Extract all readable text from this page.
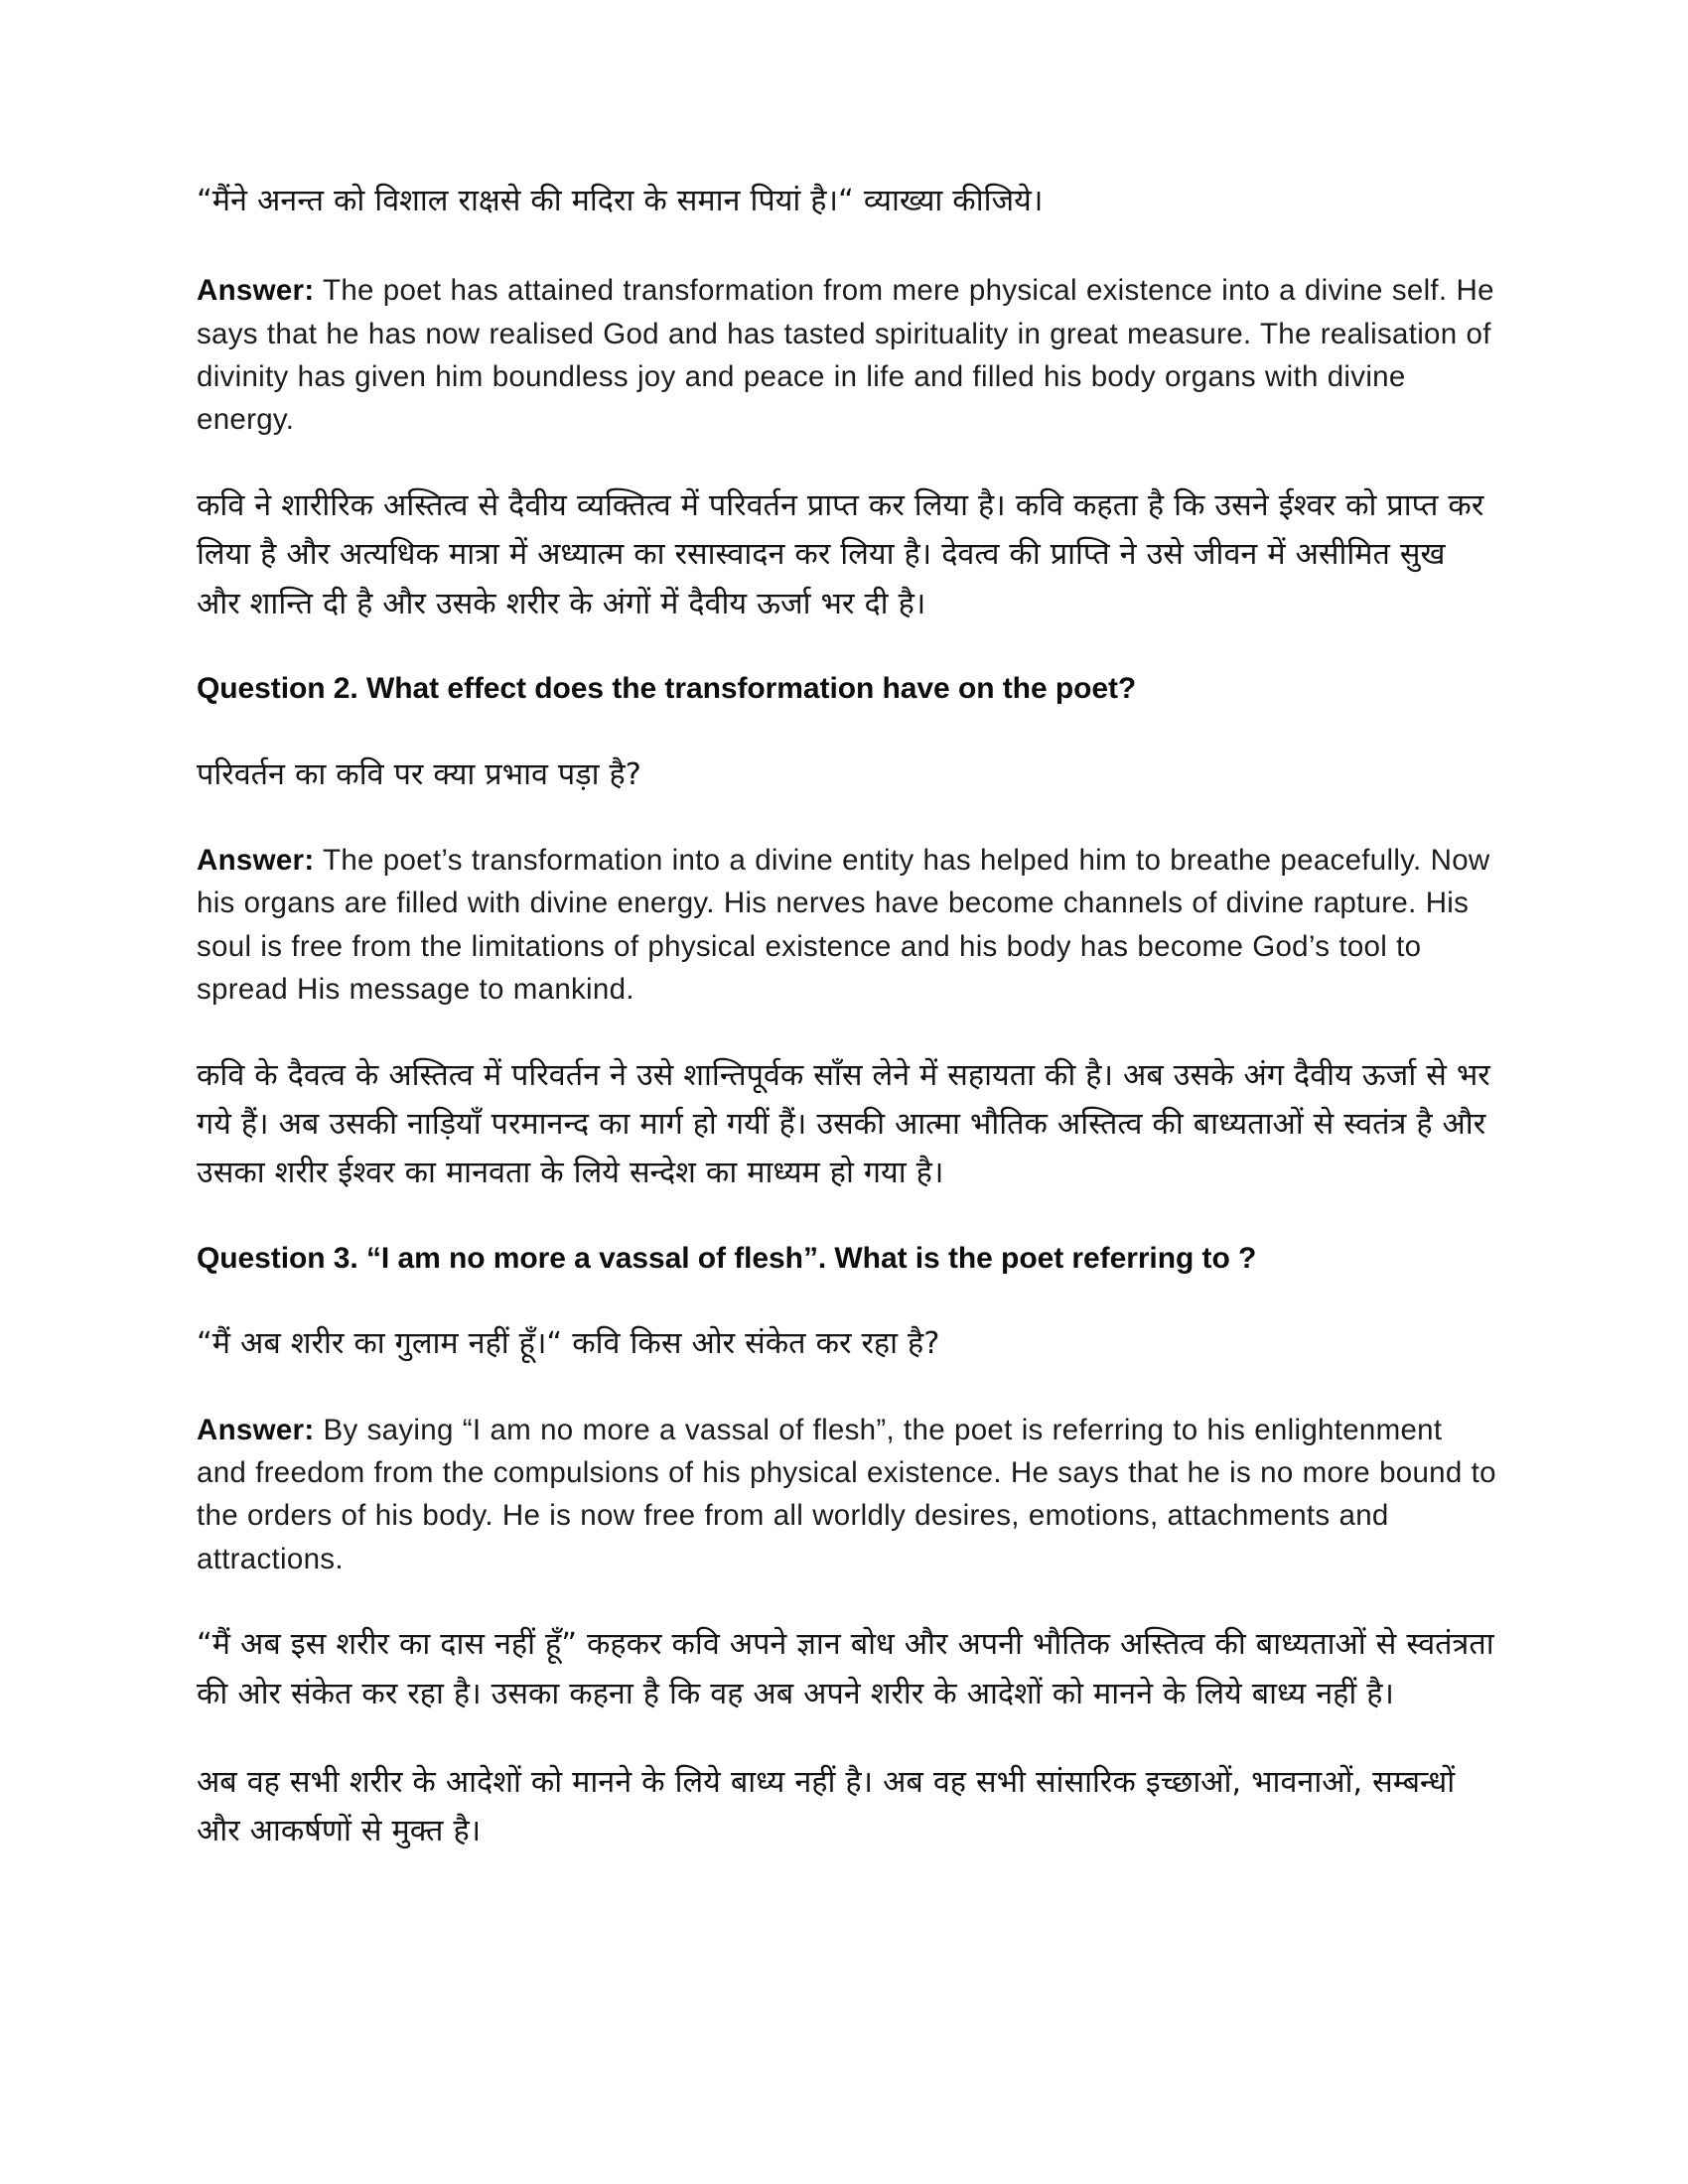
“मैंने अनन्त को विशाल राक्षसे की मदिरा के समान पियां है।“ व्याख्या कीजिये।

Answer: The poet has attained transformation from mere physical existence into a divine self. He says that he has now realised God and has tasted spirituality in great measure. The realisation of divinity has given him boundless joy and peace in life and filled his body organs with divine energy.

कवि ने शारीरिक अस्तित्व से दैवीय व्यक्तित्व में परिवर्तन प्राप्त कर लिया है। कवि कहता है कि उसने ईश्वर को प्राप्त कर लिया है और अत्यधिक मात्रा में अध्यात्म का रसास्वादन कर लिया है। देवत्व की प्राप्ति ने उसे जीवन में असीमित सुख और शान्ति दी है और उसके शरीर के अंगों में दैवीय ऊर्जा भर दी है।

Question 2. What effect does the transformation have on the poet?

परिवर्तन का कवि पर क्या प्रभाव पड़ा है?

Answer: The poet’s transformation into a divine entity has helped him to breathe peacefully. Now his organs are filled with divine energy. His nerves have become channels of divine rapture. His soul is free from the limitations of physical existence and his body has become God’s tool to spread His message to mankind.

कवि के दैवत्व के अस्तित्व में परिवर्तन ने उसे शान्तिपूर्वक साँस लेने में सहायता की है। अब उसके अंग दैवीय ऊर्जा से भर गये हैं। अब उसकी नाड़ियाँ परमानन्द का मार्ग हो गयीं हैं। उसकी आत्मा भौतिक अस्तित्व की बाध्यताओं से स्वतंत्र है और उसका शरीर ईश्वर का मानवता के लिये सन्देश का माध्यम हो गया है।

Question 3. “I am no more a vassal of flesh”. What is the poet referring to ?

“मैं अब शरीर का गुलाम नहीं हूँ।“ कवि किस ओर संकेत कर रहा है?

Answer: By saying “I am no more a vassal of flesh”, the poet is referring to his enlightenment and freedom from the compulsions of his physical existence. He says that he is no more bound to the orders of his body. He is now free from all worldly desires, emotions, attachments and attractions.

“मैं अब इस शरीर का दास नहीं हूँ” कहकर कवि अपने ज्ञान बोध और अपनी भौतिक अस्तित्व की बाध्यताओं से स्वतंत्रता की ओर संकेत कर रहा है। उसका कहना है कि वह अब अपने शरीर के आदेशों को मानने के लिये बाध्य नहीं है।

अब वह सभी शरीर के आदेशों को मानने के लिये बाध्य नहीं है। अब वह सभी सांसारिक इच्छाओं, भावनाओं, सम्बन्धों और आकर्षणों से मुक्त है।
